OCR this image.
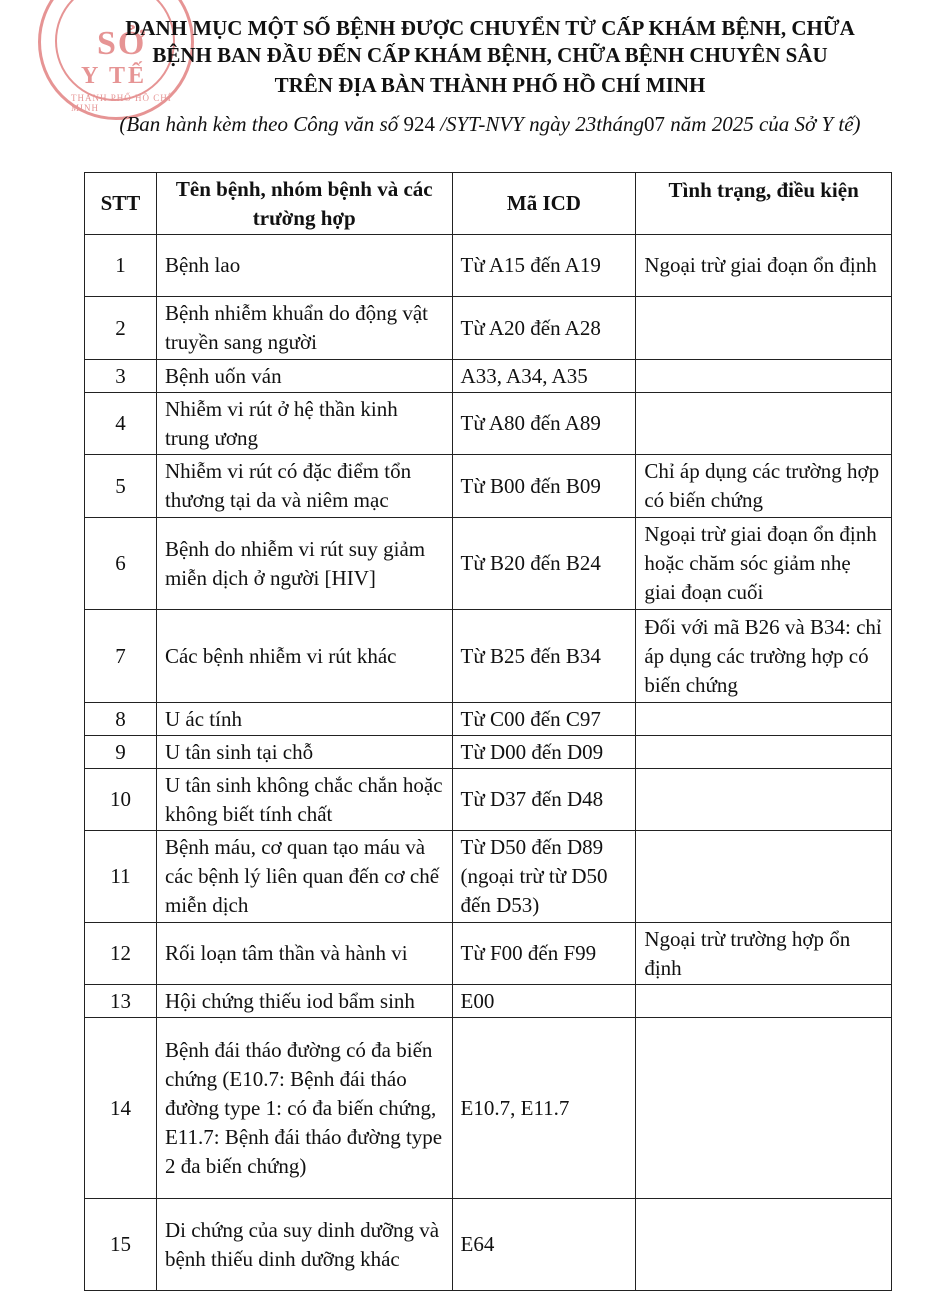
SỞ
Y TẾ
THÀNH PHỐ HỒ CHÍ MINH
DANH MỤC MỘT SỐ BỆNH ĐƯỢC CHUYỂN TỪ CẤP KHÁM BỆNH, CHỮA
BỆNH BAN ĐẦU ĐẾN CẤP KHÁM BỆNH, CHỮA BỆNH CHUYÊN SÂU
TRÊN ĐỊA BÀN THÀNH PHỐ HỒ CHÍ MINH
(Ban hành kèm theo Công văn số 924 /SYT-NVY ngày 23tháng07 năm 2025 của Sở Y tế)
STT	Tên bệnh, nhóm bệnh và các trường hợp	Mã ICD	Tình trạng, điều kiện
1	Bệnh lao	Từ A15 đến A19	Ngoại trừ giai đoạn ổn định
2	Bệnh nhiễm khuẩn do động vật truyền sang người	Từ A20 đến A28	
3	Bệnh uốn ván	A33, A34, A35	
4	Nhiễm vi rút ở hệ thần kinh trung ương	Từ A80 đến A89	
5	Nhiễm vi rút có đặc điểm tổn thương tại da và niêm mạc	Từ B00 đến B09	Chỉ áp dụng các trường hợp có biến chứng
6	Bệnh do nhiễm vi rút suy giảm miễn dịch ở người [HIV]	Từ B20 đến B24	Ngoại trừ giai đoạn ổn định hoặc chăm sóc giảm nhẹ giai đoạn cuối
7	Các bệnh nhiễm vi rút khác	Từ B25 đến B34	Đối với mã B26 và B34: chỉ áp dụng các trường hợp có biến chứng
8	U ác tính	Từ C00 đến C97	
9	U tân sinh tại chỗ	Từ D00 đến D09	
10	U tân sinh không chắc chắn hoặc không biết tính chất	Từ D37 đến D48	
11	Bệnh máu, cơ quan tạo máu và các bệnh lý liên quan đến cơ chế miễn dịch	Từ D50 đến D89 (ngoại trừ từ D50 đến D53)	
12	Rối loạn tâm thần và hành vi	Từ F00 đến F99	Ngoại trừ trường hợp ổn định
13	Hội chứng thiếu iod bẩm sinh	E00	
14	Bệnh đái tháo đường có đa biến chứng (E10.7: Bệnh đái tháo đường type 1: có đa biến chứng, E11.7: Bệnh đái tháo đường type 2 đa biến chứng)	E10.7, E11.7	
15	Di chứng của suy dinh dưỡng và bệnh thiếu dinh dưỡng khác	E64	
